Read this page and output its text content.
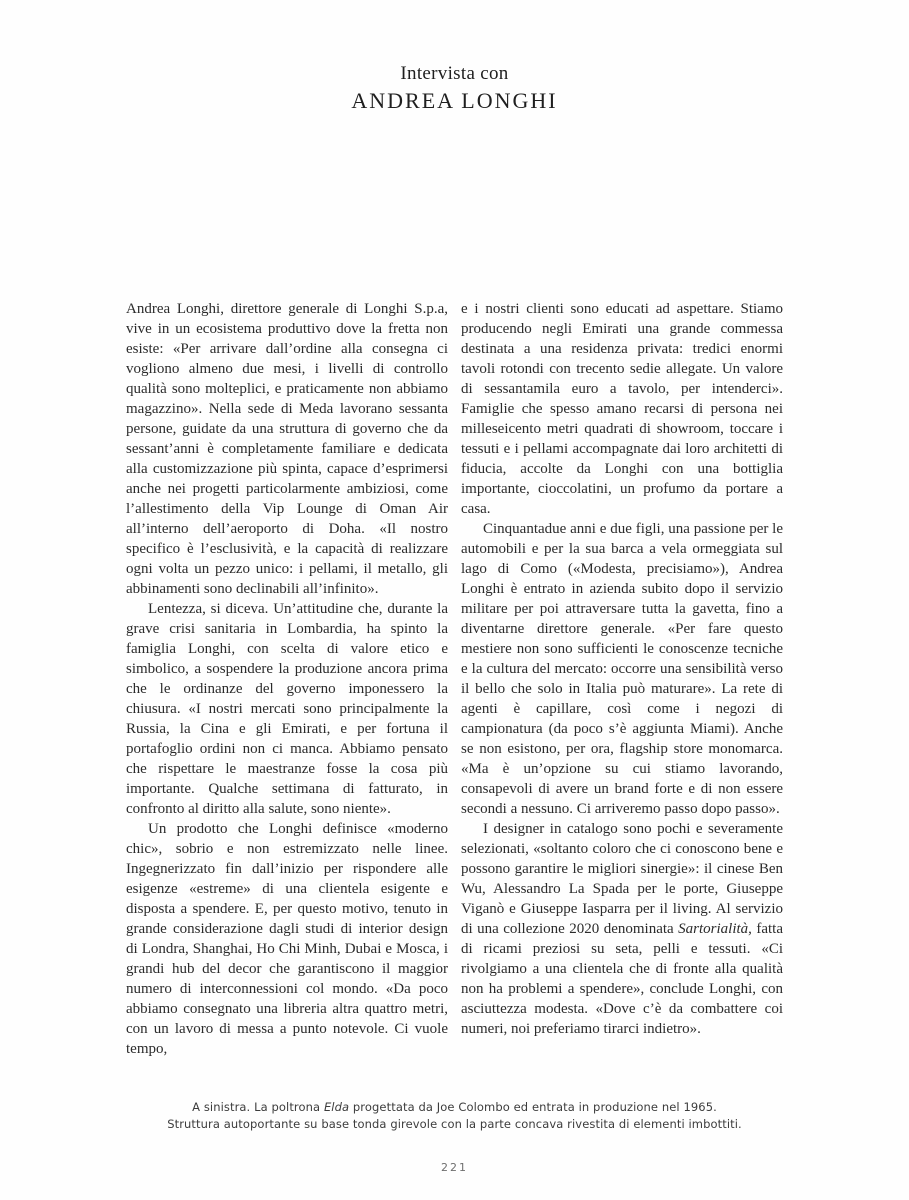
Intervista con
ANDREA LONGHI

Andrea Longhi, direttore generale di Longhi S.p.a, vive in un ecosistema produttivo dove la fretta non esiste: «Per arrivare dall’ordine alla consegna ci vogliono almeno due mesi, i livelli di controllo qualità sono molteplici, e praticamente non abbiamo magazzino». Nella sede di Meda lavorano sessanta persone, guidate da una struttura di governo che da sessant’anni è completamente familiare e dedicata alla customizzazione più spinta, capace d’esprimersi anche nei progetti particolarmente ambiziosi, come l’allestimento della Vip Lounge di Oman Air all’interno dell’aeroporto di Doha. «Il nostro specifico è l’esclusività, e la capacità di realizzare ogni volta un pezzo unico: i pellami, il metallo, gli abbinamenti sono declinabili all’infinito».

Lentezza, si diceva. Un’attitudine che, durante la grave crisi sanitaria in Lombardia, ha spinto la famiglia Longhi, con scelta di valore etico e simbolico, a sospendere la produzione ancora prima che le ordinanze del governo imponessero la chiusura. «I nostri mercati sono principalmente la Russia, la Cina e gli Emirati, e per fortuna il portafoglio ordini non ci manca. Abbiamo pensato che rispettare le maestranze fosse la cosa più importante. Qualche settimana di fatturato, in confronto al diritto alla salute, sono niente».

Un prodotto che Longhi definisce «moderno chic», sobrio e non estremizzato nelle linee. Ingegnerizzato fin dall’inizio per rispondere alle esigenze «estreme» di una clientela esigente e disposta a spendere. E, per questo motivo, tenuto in grande considerazione dagli studi di interior design di Londra, Shanghai, Ho Chi Minh, Dubai e Mosca, i grandi hub del decor che garantiscono il maggior numero di interconnessioni col mondo. «Da poco abbiamo consegnato una libreria altra quattro metri, con un lavoro di messa a punto notevole. Ci vuole tempo,

e i nostri clienti sono educati ad aspettare. Stiamo producendo negli Emirati una grande commessa destinata a una residenza privata: tredici enormi tavoli rotondi con trecento sedie allegate. Un valore di sessantamila euro a tavolo, per intenderci». Famiglie che spesso amano recarsi di persona nei milleseicento metri quadrati di showroom, toccare i tessuti e i pellami accompagnate dai loro architetti di fiducia, accolte da Longhi con una bottiglia importante, cioccolatini, un profumo da portare a casa.

Cinquantadue anni e due figli, una passione per le automobili e per la sua barca a vela ormeggiata sul lago di Como («Modesta, precisiamo»), Andrea Longhi è entrato in azienda subito dopo il servizio militare per poi attraversare tutta la gavetta, fino a diventarne direttore generale. «Per fare questo mestiere non sono sufficienti le conoscenze tecniche e la cultura del mercato: occorre una sensibilità verso il bello che solo in Italia può maturare». La rete di agenti è capillare, così come i negozi di campionatura (da poco s’è aggiunta Miami). Anche se non esistono, per ora, flagship store monomarca. «Ma è un’opzione su cui stiamo lavorando, consapevoli di avere un brand forte e di non essere secondi a nessuno. Ci arriveremo passo dopo passo».

I designer in catalogo sono pochi e severamente selezionati, «soltanto coloro che ci conoscono bene e possono garantire le migliori sinergie»: il cinese Ben Wu, Alessandro La Spada per le porte, Giuseppe Viganò e Giuseppe Iasparra per il living. Al servizio di una collezione 2020 denominata Sartorialità, fatta di ricami preziosi su seta, pelli e tessuti. «Ci rivolgiamo a una clientela che di fronte alla qualità non ha problemi a spendere», conclude Longhi, con asciuttezza modesta. «Dove c’è da combattere coi numeri, noi preferiamo tirarci indietro».

A sinistra. La poltrona Elda progettata da Joe Colombo ed entrata in produzione nel 1965. Struttura autoportante su base tonda girevole con la parte concava rivestita di elementi imbottiti.

221
